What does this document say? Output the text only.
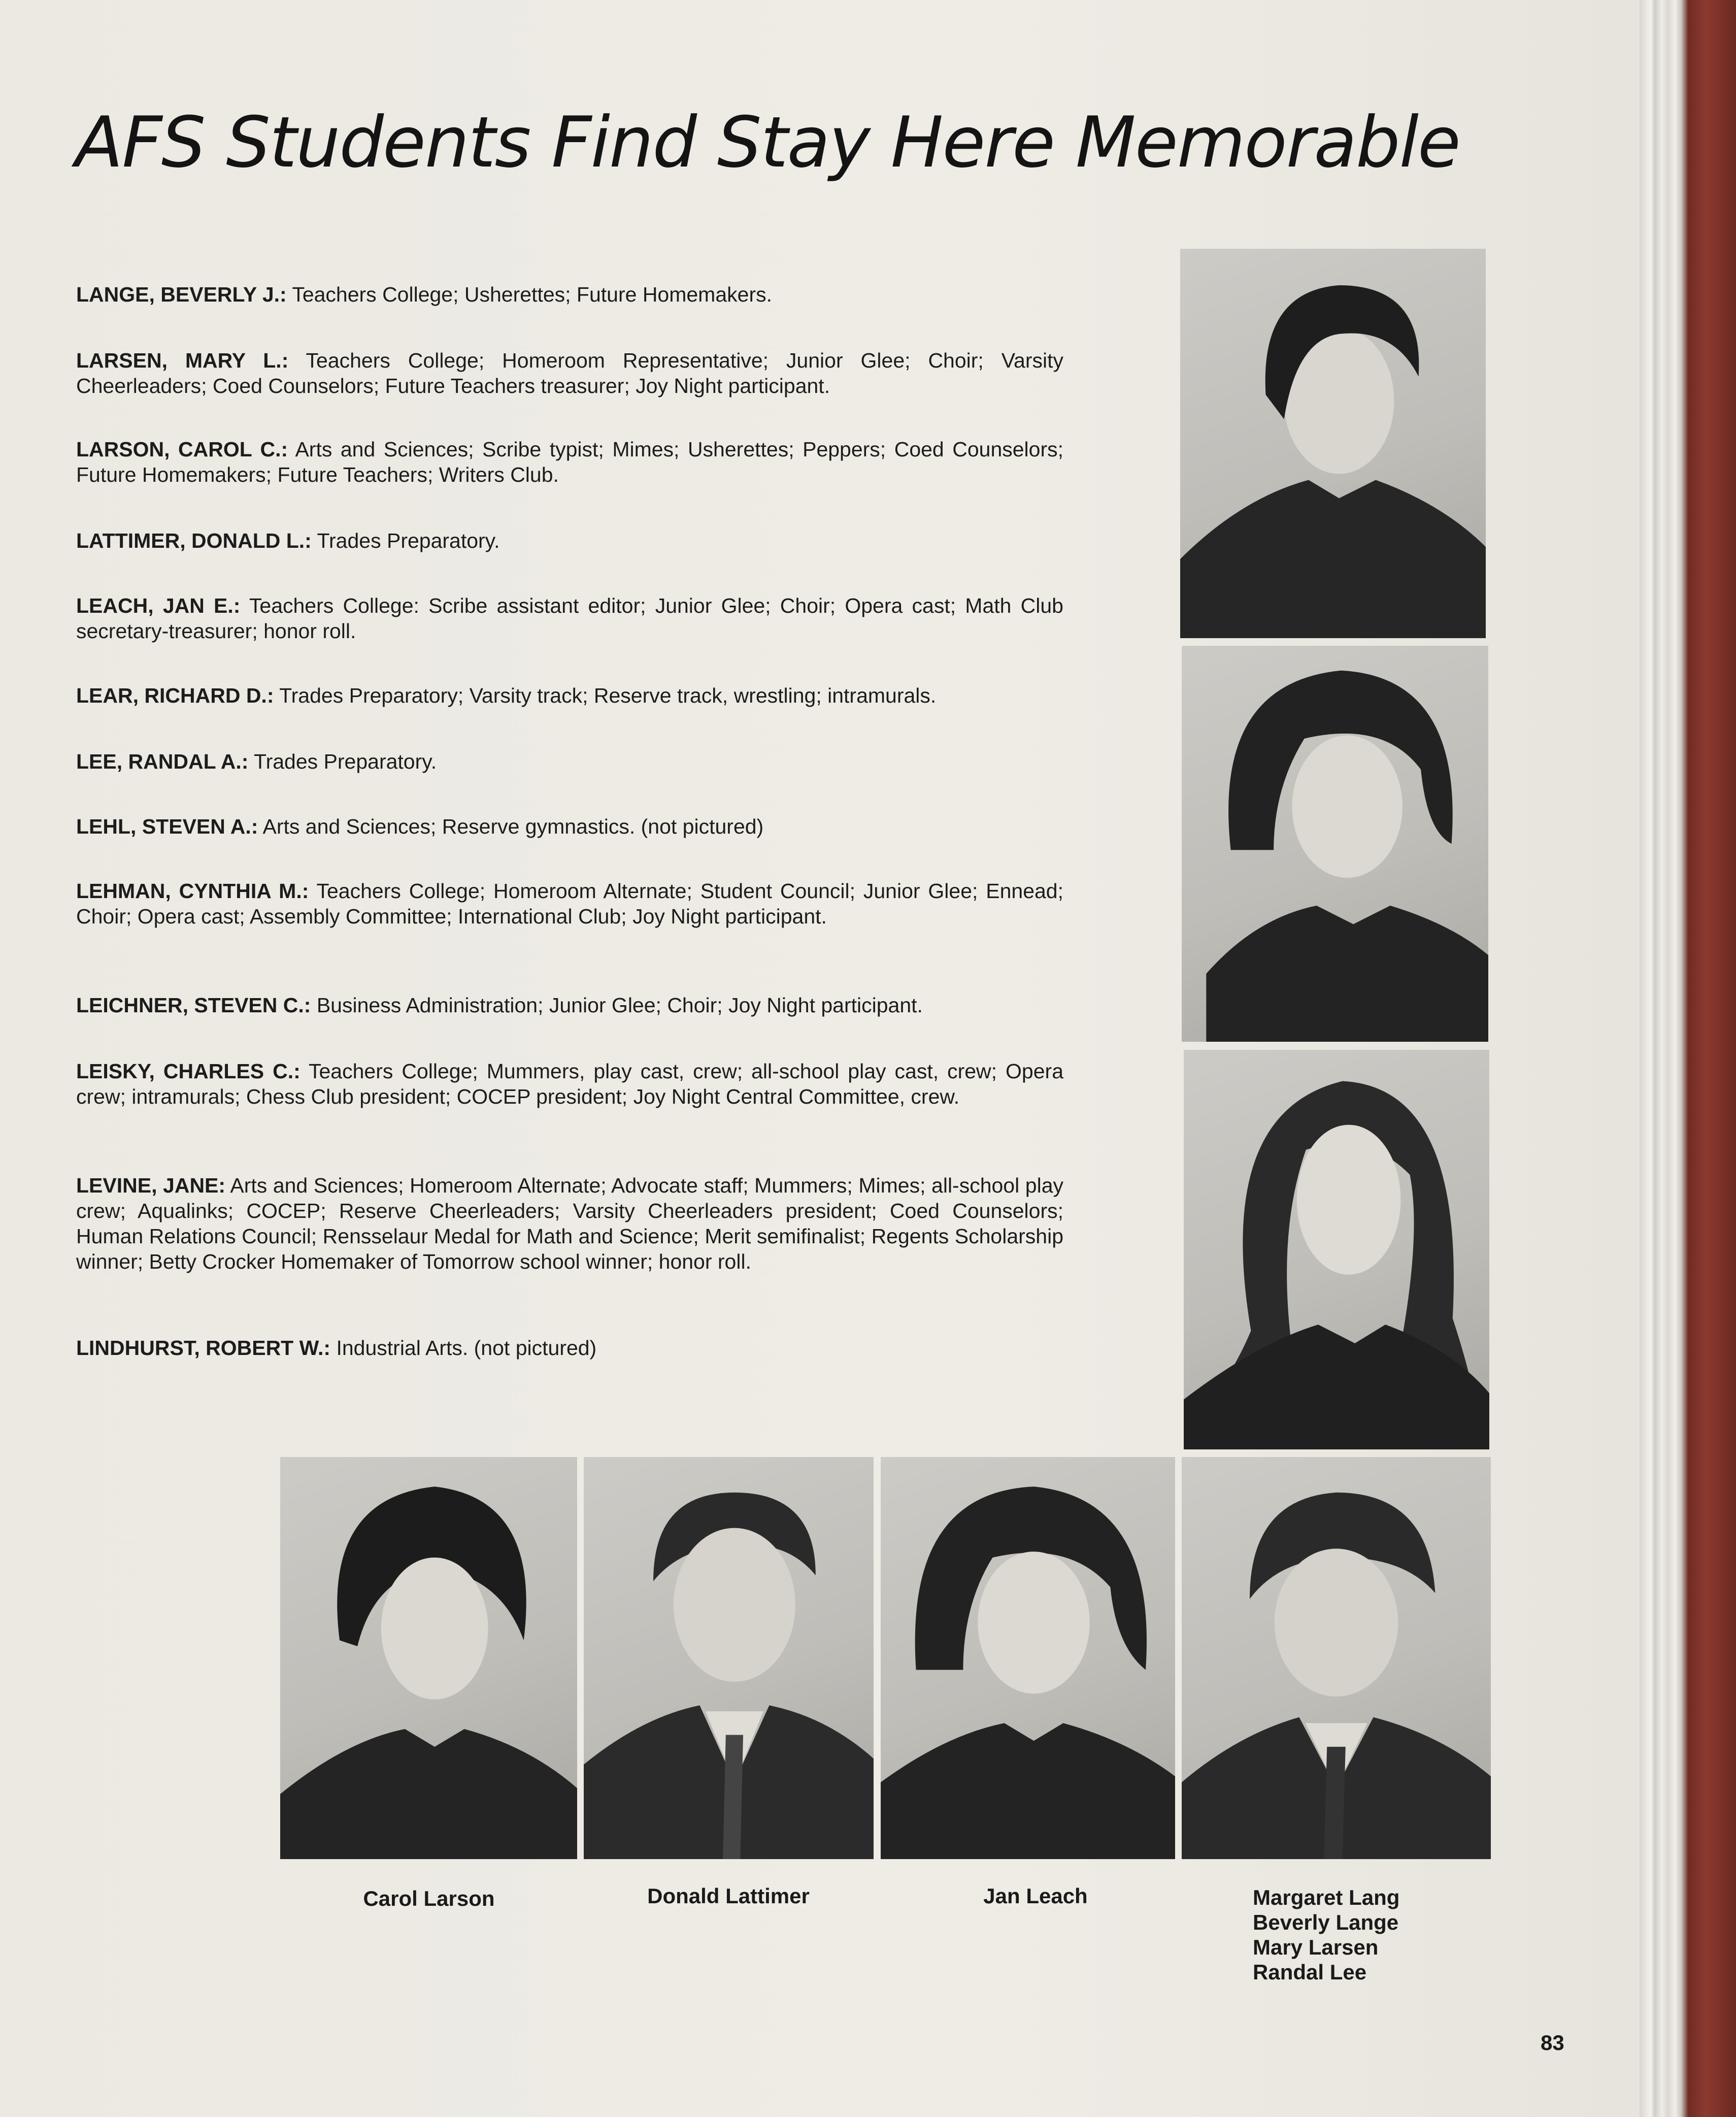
AFS Students Find Stay Here Memorable
LANGE, BEVERLY J.: Teachers College; Usherettes; Future Homemakers.
LARSEN, MARY L.: Teachers College; Homeroom Representative; Junior Glee; Choir; Varsity Cheerleaders; Coed Counselors; Future Teachers treasurer; Joy Night participant.
LARSON, CAROL C.: Arts and Sciences; Scribe typist; Mimes; Usherettes; Peppers; Coed Counselors; Future Homemakers; Future Teachers; Writers Club.
LATTIMER, DONALD L.: Trades Preparatory.
LEACH, JAN E.: Teachers College: Scribe assistant editor; Junior Glee; Choir; Opera cast; Math Club secretary-treasurer; honor roll.
LEAR, RICHARD D.: Trades Preparatory; Varsity track; Reserve track, wrestling; intramurals.
LEE, RANDAL A.: Trades Preparatory.
LEHL, STEVEN A.: Arts and Sciences; Reserve gymnastics. (not pictured)
LEHMAN, CYNTHIA M.: Teachers College; Homeroom Alternate; Student Council; Junior Glee; Ennead; Choir; Opera cast; Assembly Committee; International Club; Joy Night participant.
LEICHNER, STEVEN C.: Business Administration; Junior Glee; Choir; Joy Night participant.
LEISKY, CHARLES C.: Teachers College; Mummers, play cast, crew; all-school play cast, crew; Opera crew; intramurals; Chess Club president; COCEP president; Joy Night Central Committee, crew.
LEVINE, JANE: Arts and Sciences; Homeroom Alternate; Advocate staff; Mummers; Mimes; all-school play crew; Aqualinks; COCEP; Reserve Cheerleaders; Varsity Cheerleaders president; Coed Counselors; Human Relations Council; Rensselaur Medal for Math and Science; Merit semifinalist; Regents Scholarship winner; Betty Crocker Homemaker of Tomorrow school winner; honor roll.
LINDHURST, ROBERT W.: Industrial Arts. (not pictured)
Carol Larson	Donald Lattimer	Jan Leach	Margaret Lang
Beverly Lange
Mary Larsen
Randal Lee
83
